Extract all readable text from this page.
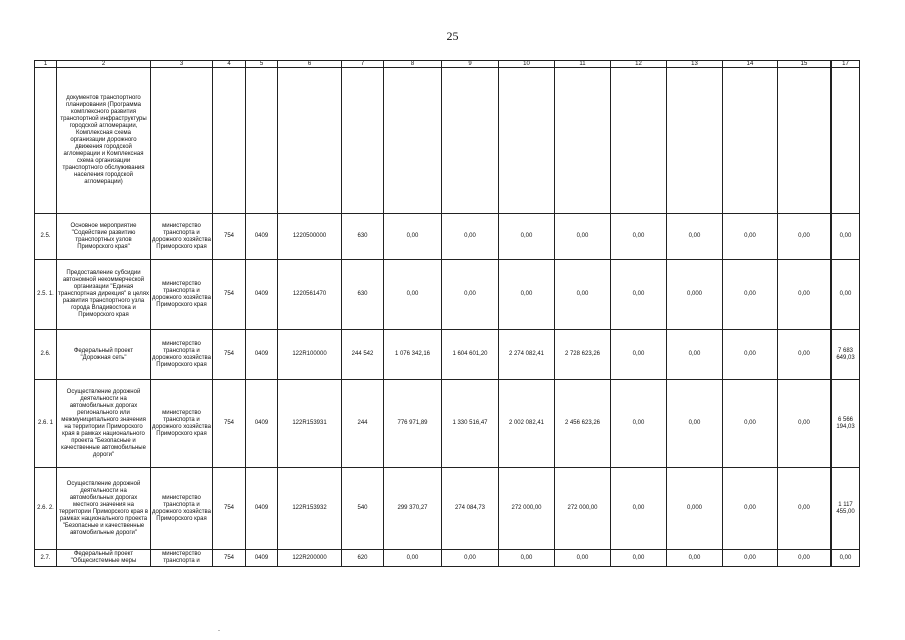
25
1	2	3	4	5	6	7	8	9	10	11	12	13	14	15		17
	документов транспортного планирования (Программа комплексного развития транспортной инфраструктуры городской агломерации, Комплексная схема организации дорожного движения городской агломерации и Комплексная схема организации транспортного обслуживания населения городской агломерации)															
2.5.	Основное мероприятие "Содействие развитию транспортных узлов Приморского края"	министерство транспорта и дорожного хозяйства Приморского края	754	0409	1220500000	630	0,00	0,00	0,00	0,00	0,00	0,00	0,00	0,00		0,00
2.5. 1.	Предоставление субсидии автономной некоммерческой организации "Единая транспортная дирекция" в целях развития транспортного узла города Владивостока и Приморского края	министерство транспорта и дорожного хозяйства Приморского края	754	0409	1220561470	630	0,00	0,00	0,00	0,00	0,00	0,000	0,00	0,00		0,00
2.6.	Федеральный проект "Дорожная сеть"	министерство транспорта и дорожного хозяйства Приморского края	754	0409	122R100000	244 542	1 076 342,16	1 604 601,20	2 274 082,41	2 728 623,26	0,00	0,00	0,00	0,00		7 683 649,03
2.6. 1	Осуществление дорожной деятельности на автомобильных дорогах регионального или межмуниципального значения на территории Приморского края в рамках национального проекта "Безопасные и качественные автомобильные дороги"	министерство транспорта и дорожного хозяйства Приморского края	754	0409	122R153931	244	776 971,89	1 330 516,47	2 002 082,41	2 456 623,26	0,00	0,00	0,00	0,00		6 566 194,03
2.6. 2.	Осуществление дорожной деятельности на автомобильных дорогах местного значения на территории Приморского края в рамках национального проекта "Безопасные и качественные автомобильные дороги"	министерство транспорта и дорожного хозяйства Приморского края	754	0409	122R153932	540	299 370,27	274 084,73	272 000,00	272 000,00	0,00	0,000	0,00	0,00		1 117 455,00
2.7.	Федеральный проект "Общесистемные меры	министерство транспорта и	754	0409	122R200000	620	0,00	0,00	0,00	0,00	0,00	0,00	0,00	0,00		0,00
